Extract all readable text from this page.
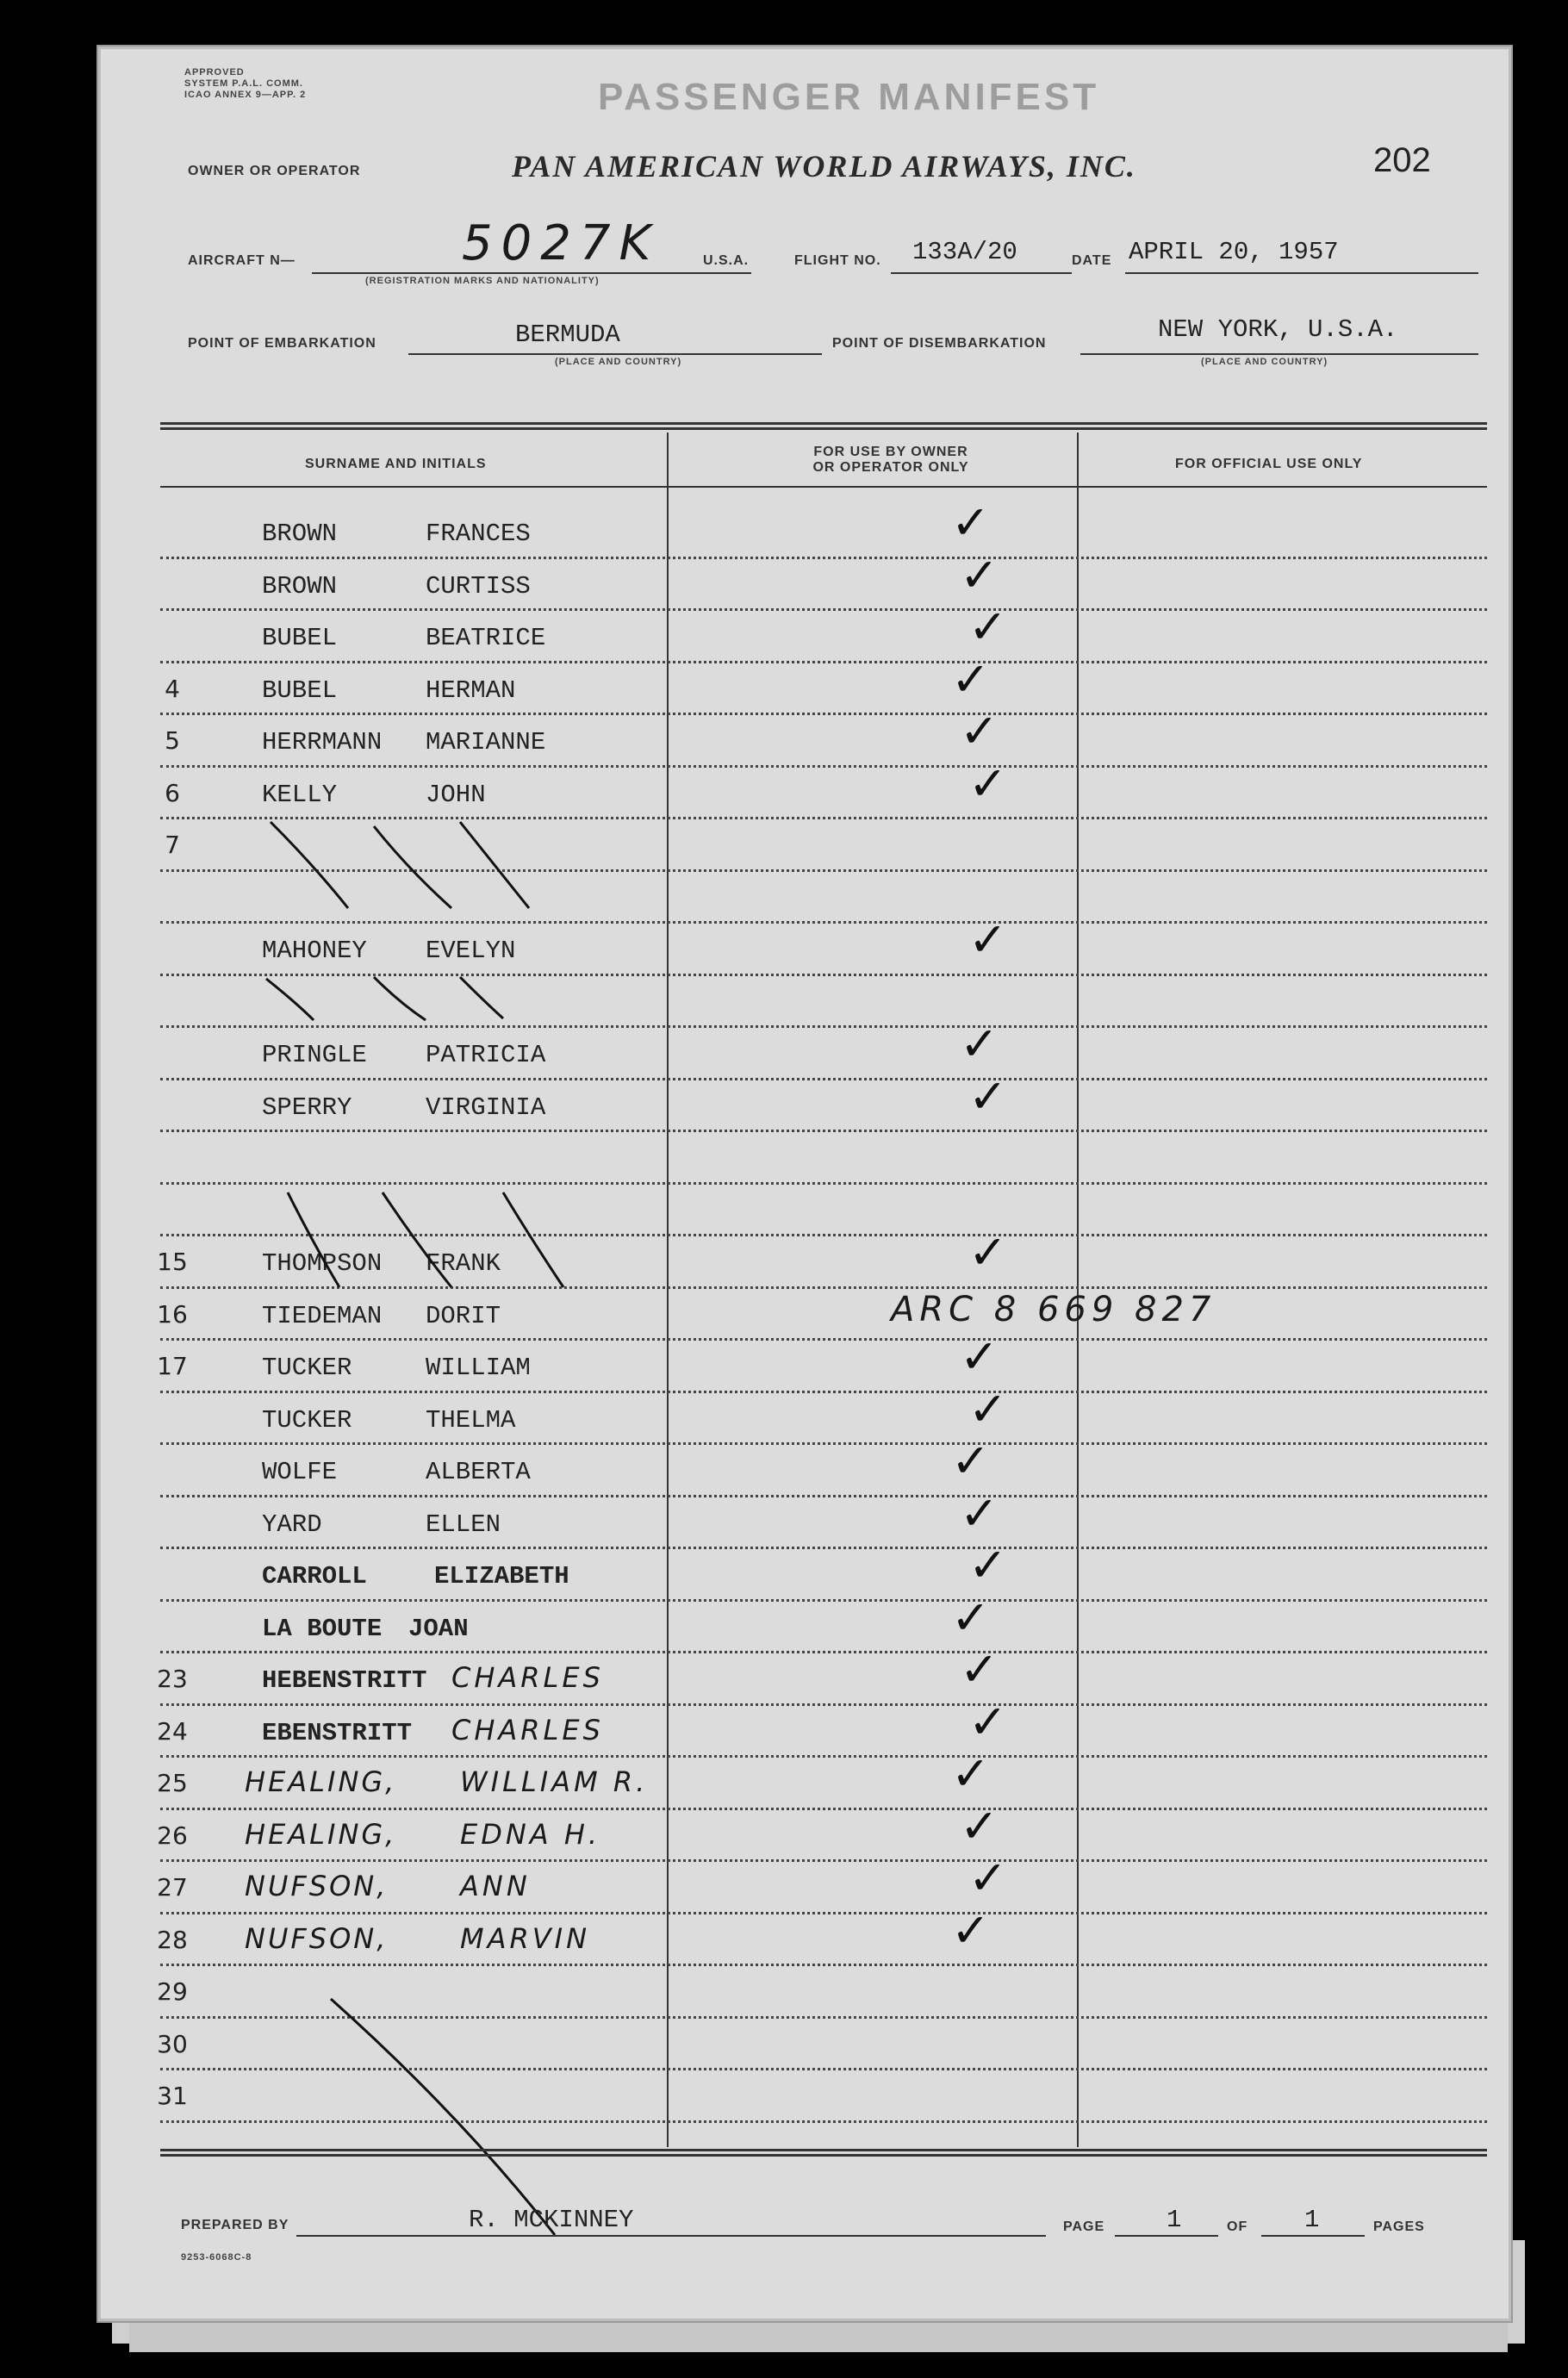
APPROVED
SYSTEM P.A.L. COMM.
ICAO ANNEX 9—APP. 2	PASSENGER MANIFEST
202
OWNER OR OPERATOR	PAN AMERICAN WORLD AIRWAYS, INC.
AIRCRAFT N—	5027K
(REGISTRATION MARKS AND NATIONALITY)
U.S.A.	FLIGHT NO. 133A/20	DATE APRIL 20, 1957
POINT OF EMBARKATION	BERMUDA
(PLACE AND COUNTRY)
POINT OF DISEMBARKATION	NEW YORK, U.S.A.
(PLACE AND COUNTRY)
SURNAME AND INITIALS
FOR USE BY OWNER
OR OPERATOR ONLY	FOR OFFICIAL USE ONLY
BROWN	FRANCES	✓
BROWN	CURTISS	✓
BUBEL	BEATRICE	✓
4	BUBEL	HERMAN	✓
5	HERRMANN MARIANNE	✓
6	KELLY	JOHN	✓
7
MAHONEY EVELYN	✓
PRINGLE PATRICIA	✓
SPERRY	VIRGINIA	✓
15	THOMPSON FRANK	✓
16	TIEDEMAN DORIT	ARC 8 669 827
17	TUCKER	WILLIAM	✓
TUCKER	THELMA	✓
WOLFE	ALBERTA	✓
YARD	ELLEN	✓
CARROLL	ELIZABETH	✓
LA BOUTE JOAN	✓
23	HEBENSTRITT CHARLES	✓
24	EBENSTRITT CHARLES	✓
25 HEALING, WILLIAM R.	✓
26 HEALING, EDNA H.	✓
27 NUFSON,	ANN	✓
28 NUFSON,	MARVIN	✓
29
30
31
PREPARED BY	R. MCKINNEY
9253-6068C-8
PAGE 1	OF 1	PAGES
